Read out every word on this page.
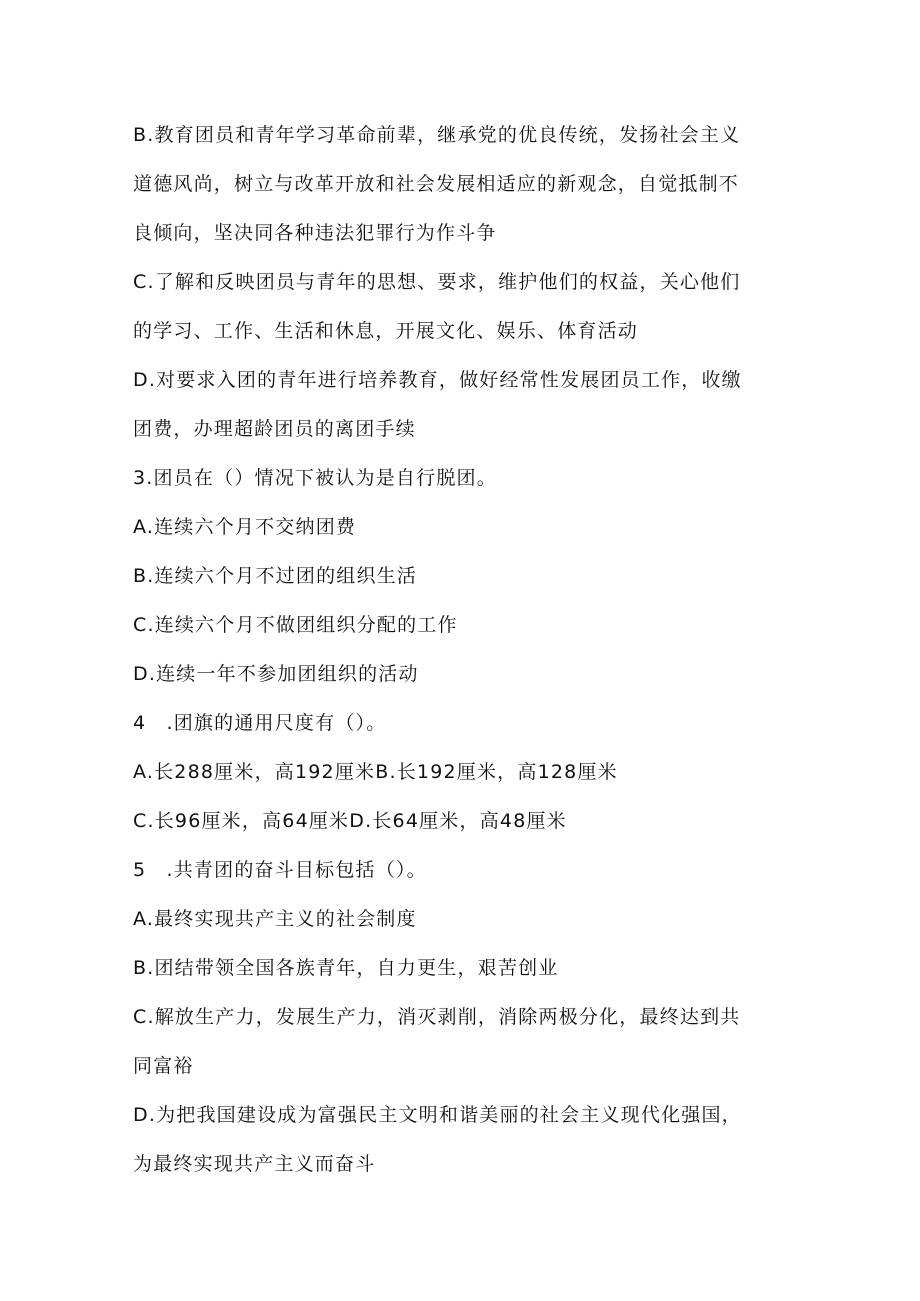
B.教育团员和青年学习革命前辈，继承党的优良传统，发扬社会主义
道德风尚，树立与改革开放和社会发展相适应的新观念，自觉抵制不
良倾向，坚决同各种违法犯罪行为作斗争
C.了解和反映团员与青年的思想、要求，维护他们的权益，关心他们
的学习、工作、生活和休息，开展文化、娱乐、体育活动
D.对要求入团的青年进行培养教育，做好经常性发展团员工作，收缴
团费，办理超龄团员的离团手续
3.团员在（）情况下被认为是自行脱团。
A.连续六个月不交纳团费
B.连续六个月不过团的组织生活
C.连续六个月不做团组织分配的工作
D.连续一年不参加团组织的活动
4　.团旗的通用尺度有（）。
A.长288厘米，高192厘米B.长192厘米，高128厘米
C.长96厘米，高64厘米D.长64厘米，高48厘米
5　.共青团的奋斗目标包括（）。
A.最终实现共产主义的社会制度
B.团结带领全国各族青年，自力更生，艰苦创业
C.解放生产力，发展生产力，消灭剥削，消除两极分化，最终达到共
同富裕
D.为把我国建设成为富强民主文明和谐美丽的社会主义现代化强国，
为最终实现共产主义而奋斗
